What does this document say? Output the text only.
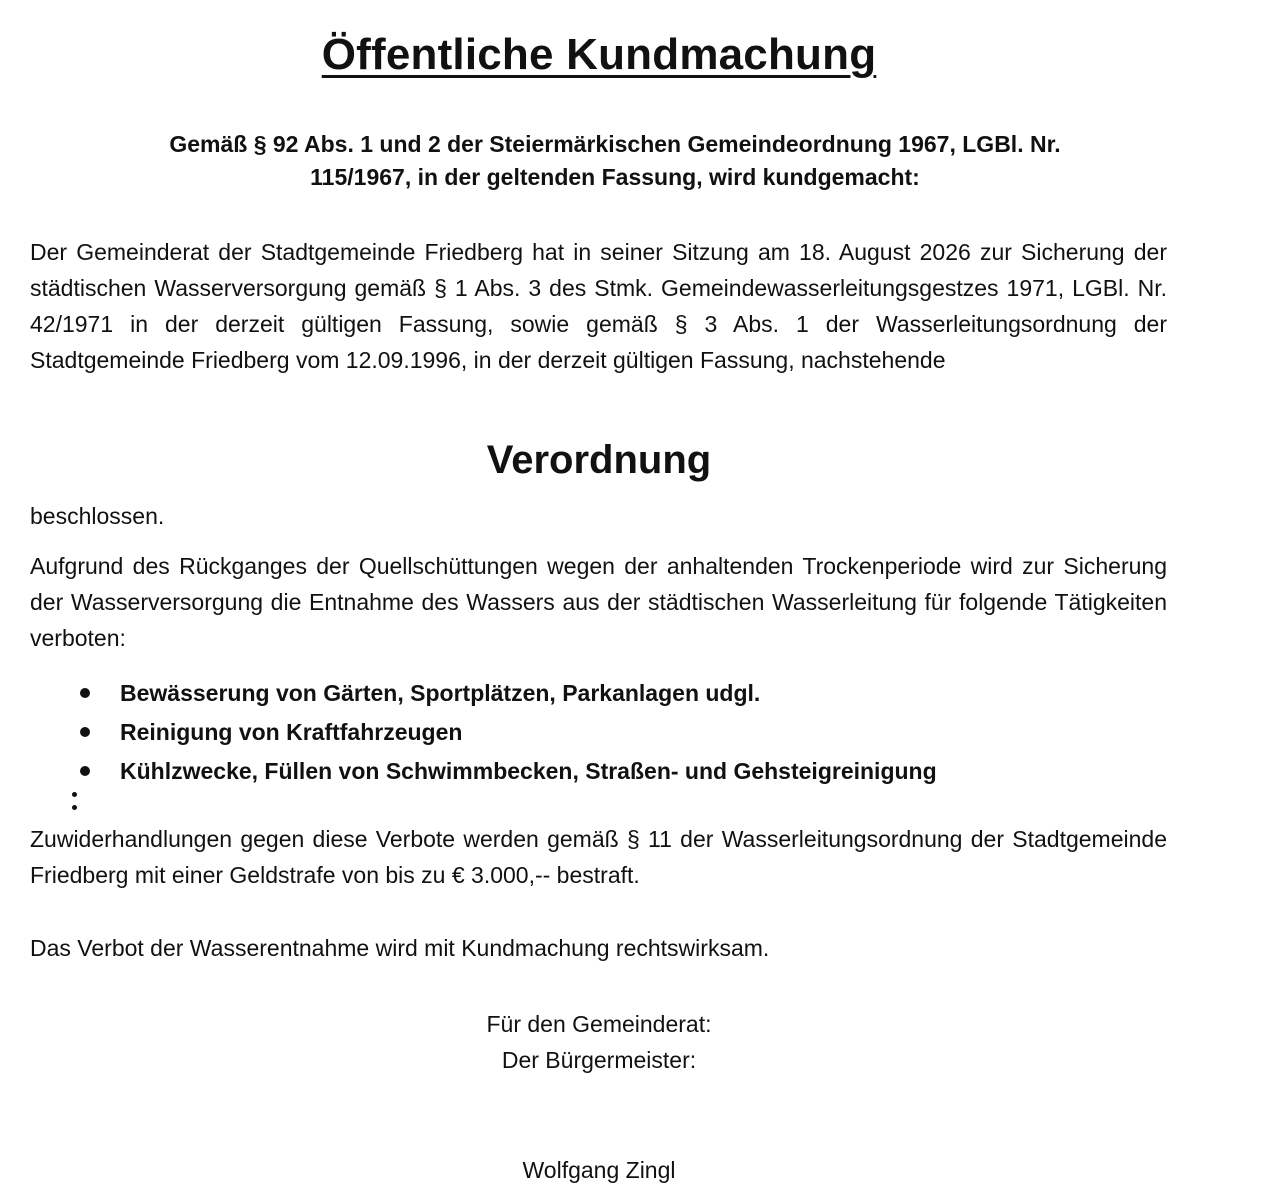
Öffentliche Kundmachung
Gemäß § 92 Abs. 1 und 2 der Steiermärkischen Gemeindeordnung 1967, LGBl. Nr.
115/1967, in der geltenden Fassung, wird kundgemacht:
Der Gemeinderat der Stadtgemeinde Friedberg hat in seiner Sitzung am 18. August 2026 zur Sicherung der städtischen Wasserversorgung gemäß § 1 Abs. 3 des Stmk. Gemeindewasserleitungsgestzes 1971, LGBl. Nr. 42/1971 in der derzeit gültigen Fassung, sowie gemäß § 3 Abs. 1 der Wasserleitungsordnung der Stadtgemeinde Friedberg vom 12.09.1996, in der derzeit gültigen Fassung, nachstehende
Verordnung
beschlossen.
Aufgrund des Rückganges der Quellschüttungen wegen der anhaltenden Trockenperiode wird zur Sicherung der Wasserversorgung die Entnahme des Wassers aus der städtischen Wasserleitung für folgende Tätigkeiten verboten:
Bewässerung von Gärten, Sportplätzen, Parkanlagen udgl.
Reinigung von Kraftfahrzeugen
Kühlzwecke, Füllen von Schwimmbecken, Straßen- und Gehsteigreinigung
Zuwiderhandlungen gegen diese Verbote werden gemäß § 11 der Wasserleitungsordnung der Stadtgemeinde Friedberg mit einer Geldstrafe von bis zu € 3.000,-- bestraft.
Das Verbot der Wasserentnahme wird mit Kundmachung rechtswirksam.
Für den Gemeinderat:
Der Bürgermeister:
Wolfgang Zingl
